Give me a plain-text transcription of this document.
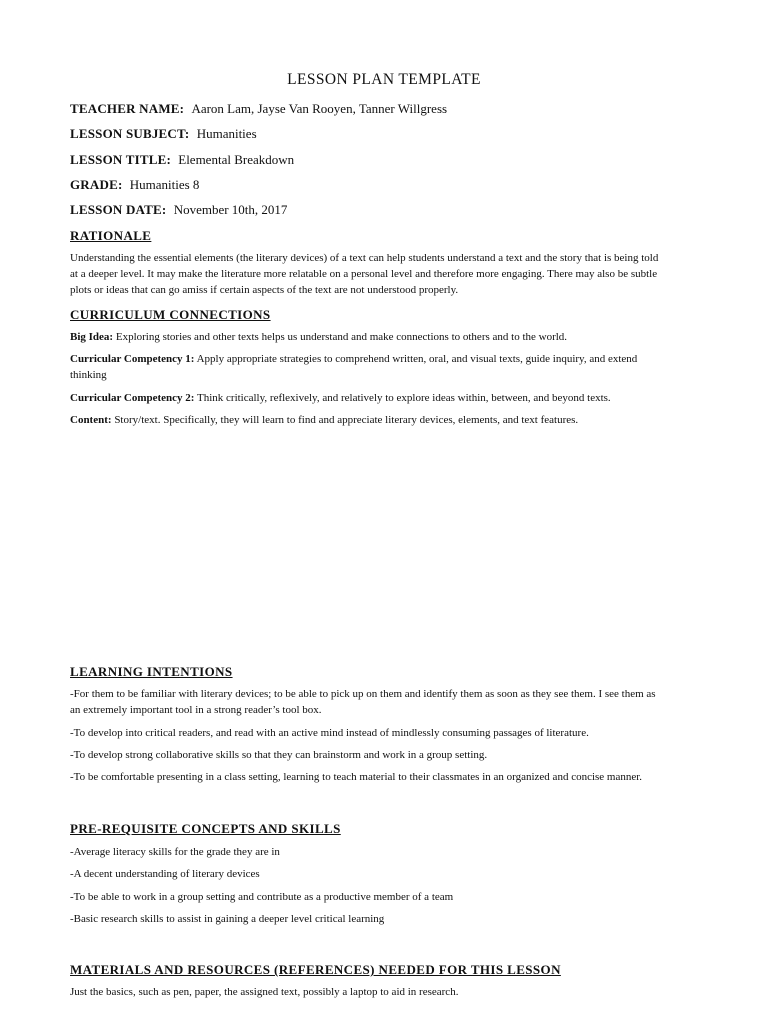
LESSON PLAN TEMPLATE
TEACHER NAME: Aaron Lam, Jayse Van Rooyen, Tanner Willgress
LESSON SUBJECT: Humanities
LESSON TITLE: Elemental Breakdown
GRADE: Humanities 8
LESSON DATE: November 10th, 2017
RATIONALE
Understanding the essential elements (the literary devices) of a text can help students understand a text and the story that is being told
at a deeper level. It may make the literature more relatable on a personal level and therefore more engaging. There may also be subtle
plots or ideas that can go amiss if certain aspects of the text are not understood properly.
CURRICULUM CONNECTIONS
Big Idea: Exploring stories and other texts helps us understand and make connections to others and to the world.
Curricular Competency 1: Apply appropriate strategies to comprehend written, oral, and visual texts, guide inquiry, and extend
thinking
Curricular Competency 2: Think critically, reflexively, and relatively to explore ideas within, between, and beyond texts.
Content: Story/text. Specifically, they will learn to find and appreciate literary devices, elements, and text features.
LEARNING INTENTIONS
-For them to be familiar with literary devices; to be able to pick up on them and identify them as soon as they see them. I see them as
an extremely important tool in a strong reader’s tool box.
-To develop into critical readers, and read with an active mind instead of mindlessly consuming passages of literature.
-To develop strong collaborative skills so that they can brainstorm and work in a group setting.
-To be comfortable presenting in a class setting, learning to teach material to their classmates in an organized and concise manner.
PRE-REQUISITE CONCEPTS AND SKILLS
-Average literacy skills for the grade they are in
-A decent understanding of literary devices
-To be able to work in a group setting and contribute as a productive member of a team
-Basic research skills to assist in gaining a deeper level critical learning
MATERIALS AND RESOURCES (REFERENCES) NEEDED FOR THIS LESSON
Just the basics, such as pen, paper, the assigned text, possibly a laptop to aid in research.
